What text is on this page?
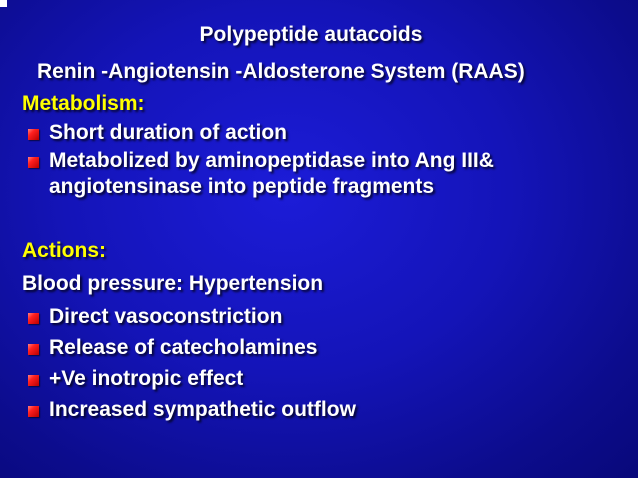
Polypeptide autacoids
Renin -Angiotensin -Aldosterone System (RAAS)
Metabolism:
Short duration of action
Metabolized by aminopeptidase into Ang III&
angiotensinase into peptide fragments
Actions:
Blood pressure: Hypertension
Direct vasoconstriction
Release of catecholamines
+Ve inotropic effect
Increased sympathetic outflow
